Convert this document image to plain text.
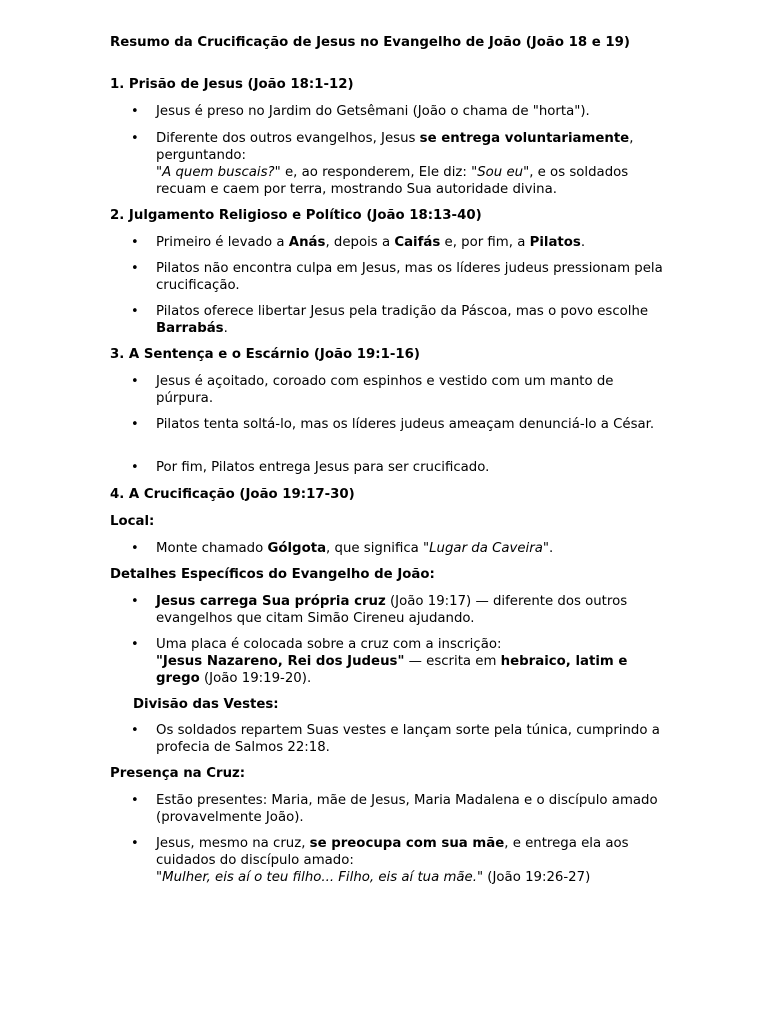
Resumo da Crucificação de Jesus no Evangelho de João (João 18 e 19)
1. Prisão de Jesus (João 18:1-12)
• Jesus é preso no Jardim do Getsêmani (João o chama de "horta").
• Diferente dos outros evangelhos, Jesus se entrega voluntariamente, perguntando:
"A quem buscais?" e, ao responderem, Ele diz: "Sou eu", e os soldados recuam e caem por terra, mostrando Sua autoridade divina.
2. Julgamento Religioso e Político (João 18:13-40)
• Primeiro é levado a Anás, depois a Caifás e, por fim, a Pilatos.
• Pilatos não encontra culpa em Jesus, mas os líderes judeus pressionam pela crucificação.
• Pilatos oferece libertar Jesus pela tradição da Páscoa, mas o povo escolhe Barrabás.
3. A Sentença e o Escárnio (João 19:1-16)
• Jesus é açoitado, coroado com espinhos e vestido com um manto de púrpura.
• Pilatos tenta soltá-lo, mas os líderes judeus ameaçam denunciá-lo a César.
• Por fim, Pilatos entrega Jesus para ser crucificado.
4. A Crucificação (João 19:17-30)
Local:
• Monte chamado Gólgota, que significa "Lugar da Caveira".
Detalhes Específicos do Evangelho de João:
• Jesus carrega Sua própria cruz (João 19:17) — diferente dos outros evangelhos que citam Simão Cireneu ajudando.
• Uma placa é colocada sobre a cruz com a inscrição:
"Jesus Nazareno, Rei dos Judeus" — escrita em hebraico, latim e grego (João 19:19-20).
Divisão das Vestes:
• Os soldados repartem Suas vestes e lançam sorte pela túnica, cumprindo a profecia de Salmos 22:18.
Presença na Cruz:
• Estão presentes: Maria, mãe de Jesus, Maria Madalena e o discípulo amado (provavelmente João).
• Jesus, mesmo na cruz, se preocupa com sua mãe, e entrega ela aos cuidados do discípulo amado:
"Mulher, eis aí o teu filho... Filho, eis aí tua mãe." (João 19:26-27)
